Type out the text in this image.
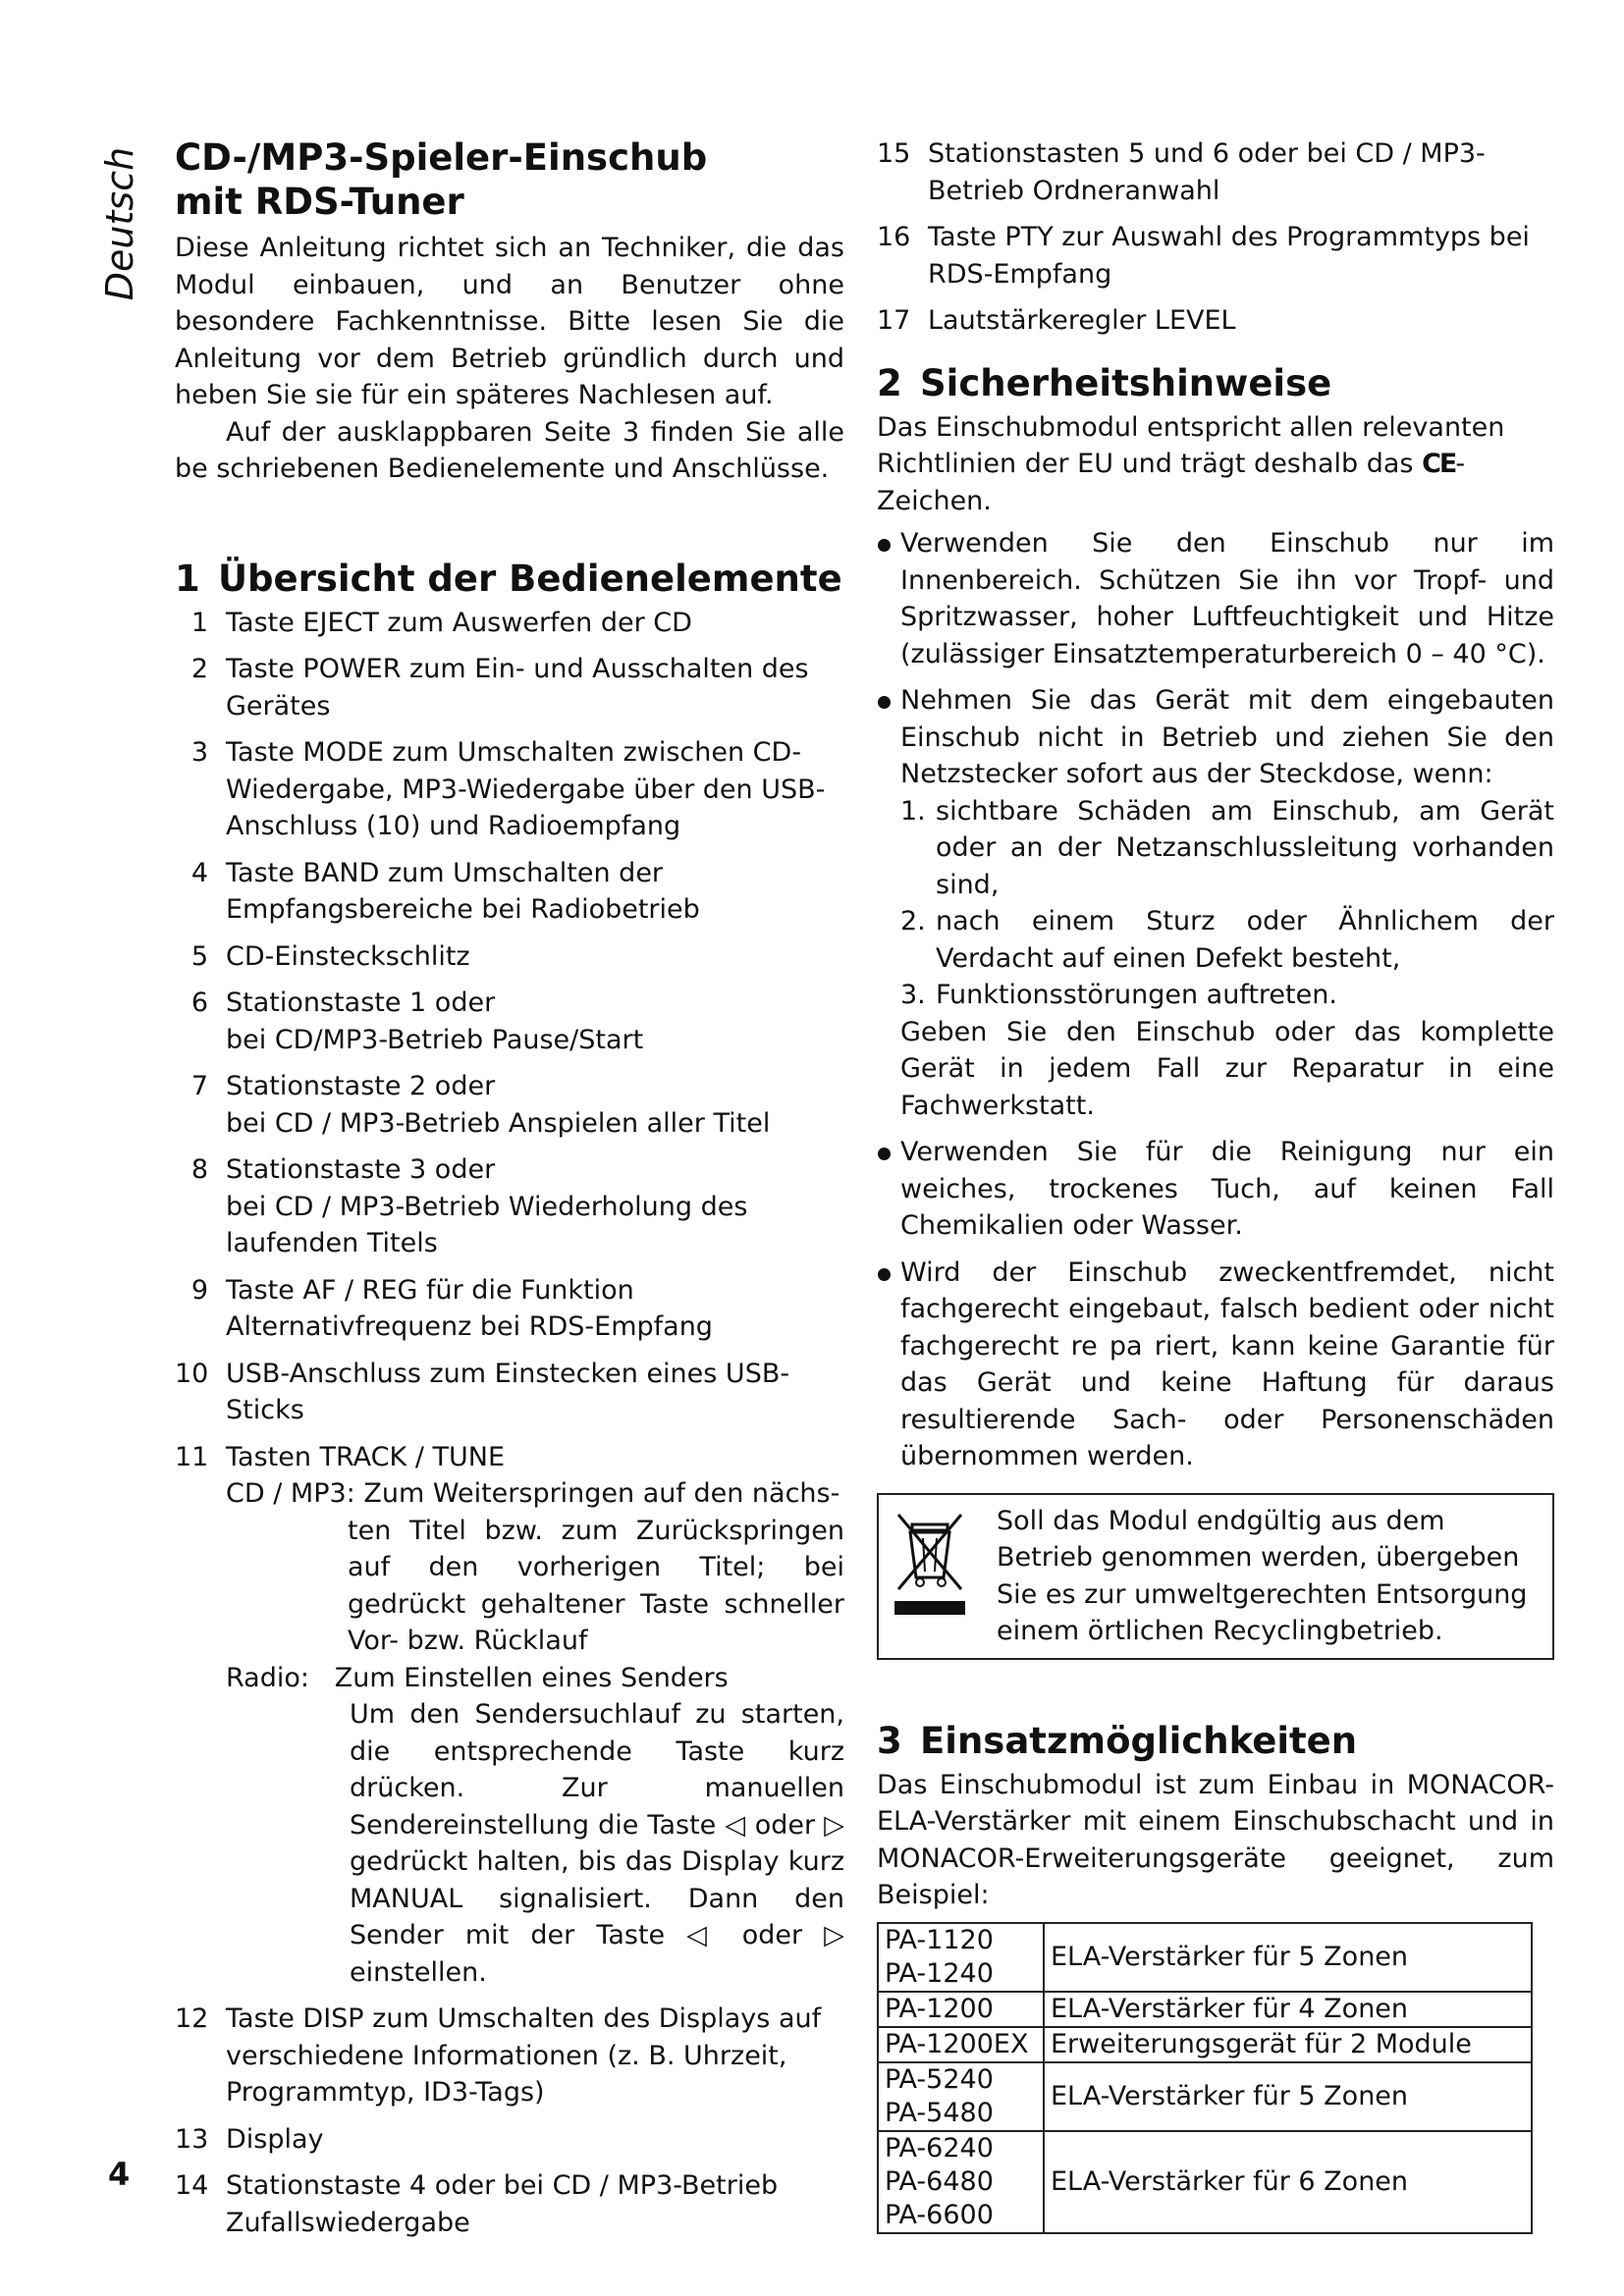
Deutsch CD-/MP3-Spieler-Einschub
mit RDS-Tuner

Diese Anleitung richtet sich an Techniker, die das Modul einbauen, und an Benutzer ohne besondere Fachkenntnisse. Bitte lesen Sie die Anleitung vor dem Betrieb gründlich durch und heben Sie sie für ein späteres Nachlesen auf.

Auf der ausklappbaren Seite 3 finden Sie alle be schriebenen Bedienelemente und Anschlüsse.

1 Übersicht der Bedienelemente
1 Taste EJECT zum Auswerfen der CD
2 Taste POWER zum Ein- und Ausschalten des Gerätes
3 Taste MODE zum Umschalten zwischen CD-Wiedergabe, MP3-Wiedergabe über den USB-Anschluss (10) und Radioempfang
4 Taste BAND zum Umschalten der Empfangsbereiche bei Radiobetrieb
5 CD-Einsteckschlitz
6 Stationstaste 1 oder
bei CD/MP3-Betrieb Pause/Start
7 Stationstaste 2 oder
bei CD / MP3-Betrieb Anspielen aller Titel
8 Stationstaste 3 oder
bei CD / MP3-Betrieb Wiederholung des laufenden Titels
9 Taste AF / REG für die Funktion Alternativfrequenz bei RDS-Empfang
10 USB-Anschluss zum Einstecken eines USB-Sticks
11 Tasten TRACK / TUNE
CD / MP3: Zum Weiterspringen auf den nächs-
ten Titel bzw. zum Zurückspringen auf den vorherigen Titel; bei gedrückt gehaltener Taste schneller Vor- bzw. Rücklauf
Radio: Zum Einstellen eines Senders
Um den Sendersuchlauf zu starten, die entsprechende Taste kurz drücken. Zur manuellen Sendereinstellung die Taste ◁ oder ▷ gedrückt halten, bis das Display kurz MANUAL signalisiert. Dann den Sender mit der Taste ◁ oder ▷ einstellen.
12 Taste DISP zum Umschalten des Displays auf verschiedene Informationen (z. B. Uhrzeit, Programmtyp, ID3-Tags)
13 Display
14 Stationstaste 4 oder bei CD / MP3-Betrieb Zufallswiedergabe
15 Stationstasten 5 und 6 oder bei CD / MP3-Betrieb Ordneranwahl
16 Taste PTY zur Auswahl des Programmtyps bei RDS-Empfang
17 Lautstärkeregler LEVEL
2 Sicherheitshinweise

Das Einschubmodul entspricht allen relevanten Richtlinien der EU und trägt deshalb das CE-Zeichen.

Verwenden Sie den Einschub nur im Innenbereich. Schützen Sie ihn vor Tropf- und Spritzwasser, hoher Luftfeuchtigkeit und Hitze (zulässiger Einsatztemperaturbereich 0 – 40 °C).
Nehmen Sie das Gerät mit dem eingebauten Einschub nicht in Betrieb und ziehen Sie den Netzstecker sofort aus der Steckdose, wenn:
1. sichtbare Schäden am Einschub, am Gerät oder an der Netzanschlussleitung vorhanden sind,
2. nach einem Sturz oder Ähnlichem der Verdacht auf einen Defekt besteht,
3. Funktionsstörungen auftreten.
Geben Sie den Einschub oder das komplette Gerät in jedem Fall zur Reparatur in eine Fachwerkstatt.
Verwenden Sie für die Reinigung nur ein weiches, trockenes Tuch, auf keinen Fall Chemikalien oder Wasser.
Wird der Einschub zweckentfremdet, nicht fachgerecht eingebaut, falsch bedient oder nicht fachgerecht re pa riert, kann keine Garantie für das Gerät und keine Haftung für daraus resultierende Sach- oder Personenschäden übernommen werden.

Soll das Modul endgültig aus dem Betrieb genommen werden, übergeben Sie es zur umweltgerechten Entsorgung einem örtlichen Recyclingbetrieb.

3 Einsatzmöglichkeiten

Das Einschubmodul ist zum Einbau in MONACOR-ELA-Verstärker mit einem Einschubschacht und in MONACOR-Erweiterungsgeräte geeignet, zum Beispiel:

PA-1120
PA-1240	ELA-Verstärker für 5 Zonen
PA-1200	ELA-Verstärker für 4 Zonen
PA-1200EX	Erweiterungsgerät für 2 Module
PA-5240
PA-5480	ELA-Verstärker für 5 Zonen
PA-6240
PA-6480
PA-6600	ELA-Verstärker für 6 Zonen
4
